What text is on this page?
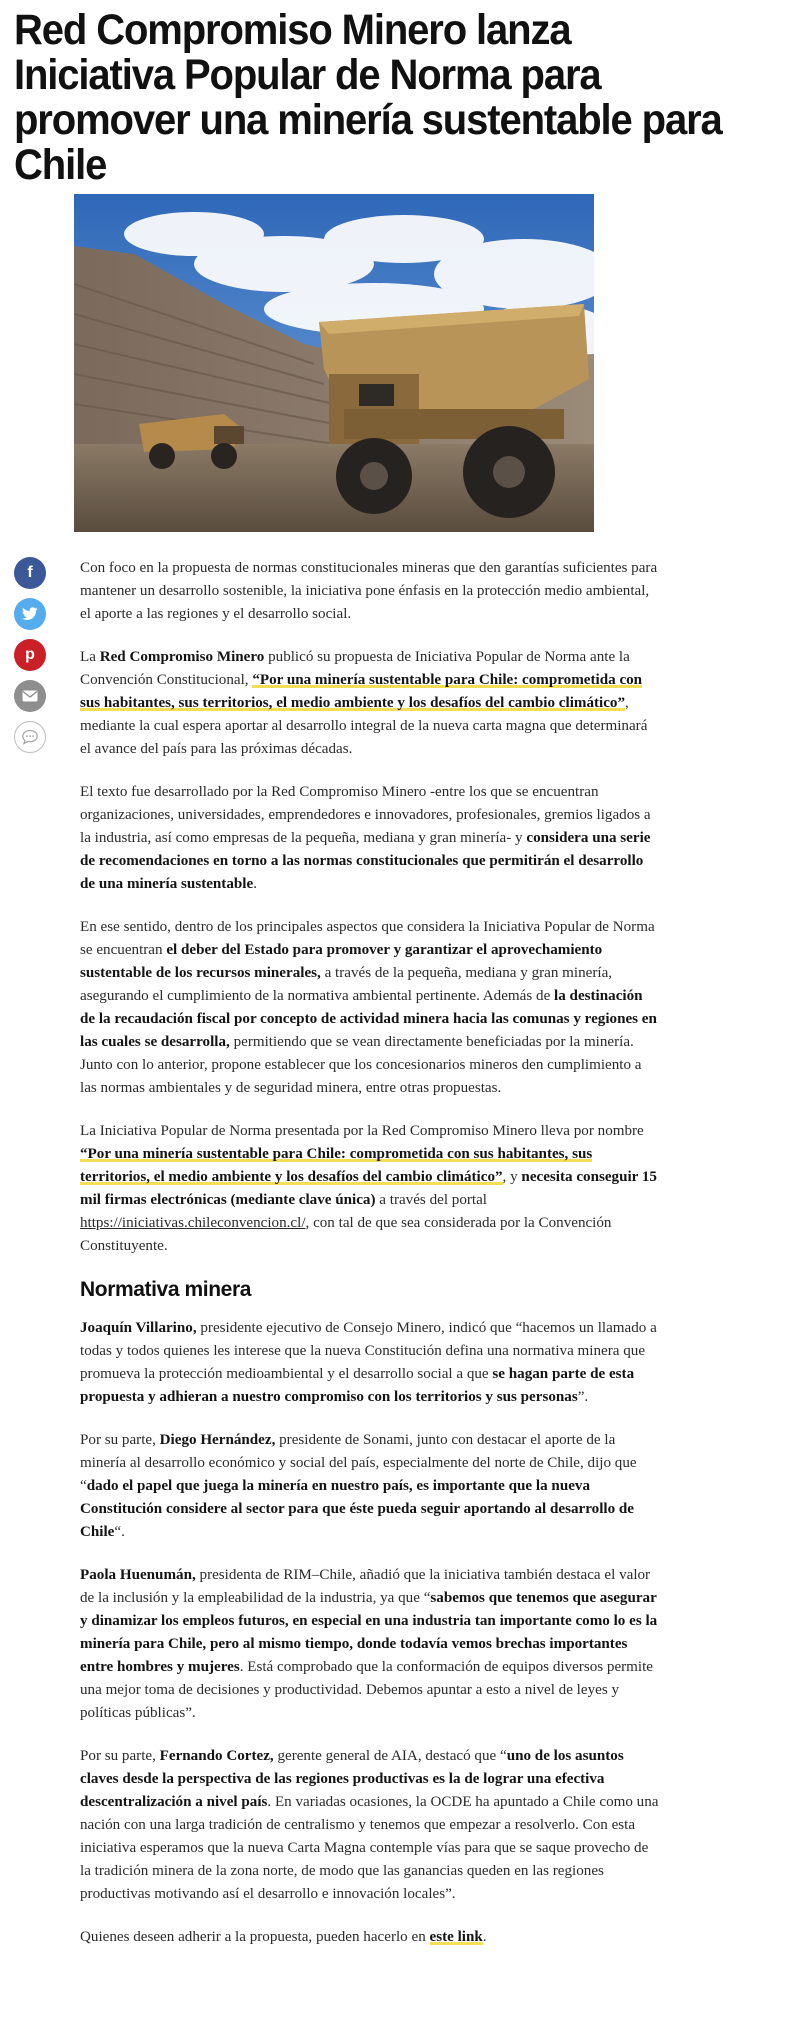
Red Compromiso Minero lanza Iniciativa Popular de Norma para promover una minería sustentable para Chile
f
p

Con foco en la propuesta de normas constitucionales mineras que den garantías suficientes para mantener un desarrollo sostenible, la iniciativa pone énfasis en la protección medio ambiental, el aporte a las regiones y el desarrollo social.

La Red Compromiso Minero publicó su propuesta de Iniciativa Popular de Norma ante la Convención Constitucional, “Por una minería sustentable para Chile: comprometida con sus habitantes, sus territorios, el medio ambiente y los desafíos del cambio climático”, mediante la cual espera aportar al desarrollo integral de la nueva carta magna que determinará el avance del país para las próximas décadas.

El texto fue desarrollado por la Red Compromiso Minero -entre los que se encuentran organizaciones, universidades, emprendedores e innovadores, profesionales, gremios ligados a la industria, así como empresas de la pequeña, mediana y gran minería- y considera una serie de recomendaciones en torno a las normas constitucionales que permitirán el desarrollo de una minería sustentable.

En ese sentido, dentro de los principales aspectos que considera la Iniciativa Popular de Norma se encuentran el deber del Estado para promover y garantizar el aprovechamiento sustentable de los recursos minerales, a través de la pequeña, mediana y gran minería, asegurando el cumplimiento de la normativa ambiental pertinente. Además de la destinación de la recaudación fiscal por concepto de actividad minera hacia las comunas y regiones en las cuales se desarrolla, permitiendo que se vean directamente beneficiadas por la minería. Junto con lo anterior, propone establecer que los concesionarios mineros den cumplimiento a las normas ambientales y de seguridad minera, entre otras propuestas.

La Iniciativa Popular de Norma presentada por la Red Compromiso Minero lleva por nombre “Por una minería sustentable para Chile: comprometida con sus habitantes, sus territorios, el medio ambiente y los desafíos del cambio climático”, y necesita conseguir 15 mil firmas electrónicas (mediante clave única) a través del portal https://iniciativas.chileconvencion.cl/, con tal de que sea considerada por la Convención Constituyente.

Normativa minera

Joaquín Villarino, presidente ejecutivo de Consejo Minero, indicó que “hacemos un llamado a todas y todos quienes les interese que la nueva Constitución defina una normativa minera que promueva la protección medioambiental y el desarrollo social a que se hagan parte de esta propuesta y adhieran a nuestro compromiso con los territorios y sus personas”.

Por su parte, Diego Hernández, presidente de Sonami, junto con destacar el aporte de la minería al desarrollo económico y social del país, especialmente del norte de Chile, dijo que “dado el papel que juega la minería en nuestro país, es importante que la nueva Constitución considere al sector para que éste pueda seguir aportando al desarrollo de Chile“.

Paola Huenumán, presidenta de RIM–Chile, añadió que la iniciativa también destaca el valor de la inclusión y la empleabilidad de la industria, ya que “sabemos que tenemos que asegurar y dinamizar los empleos futuros, en especial en una industria tan importante como lo es la minería para Chile, pero al mismo tiempo, donde todavía vemos brechas importantes entre hombres y mujeres. Está comprobado que la conformación de equipos diversos permite una mejor toma de decisiones y productividad. Debemos apuntar a esto a nivel de leyes y políticas públicas”.

Por su parte, Fernando Cortez, gerente general de AIA, destacó que “uno de los asuntos claves desde la perspectiva de las regiones productivas es la de lograr una efectiva descentralización a nivel país. En variadas ocasiones, la OCDE ha apuntado a Chile como una nación con una larga tradición de centralismo y tenemos que empezar a resolverlo. Con esta iniciativa esperamos que la nueva Carta Magna contemple vías para que se saque provecho de la tradición minera de la zona norte, de modo que las ganancias queden en las regiones productivas motivando así el desarrollo e innovación locales”.

Quienes deseen adherir a la propuesta, pueden hacerlo en este link.
